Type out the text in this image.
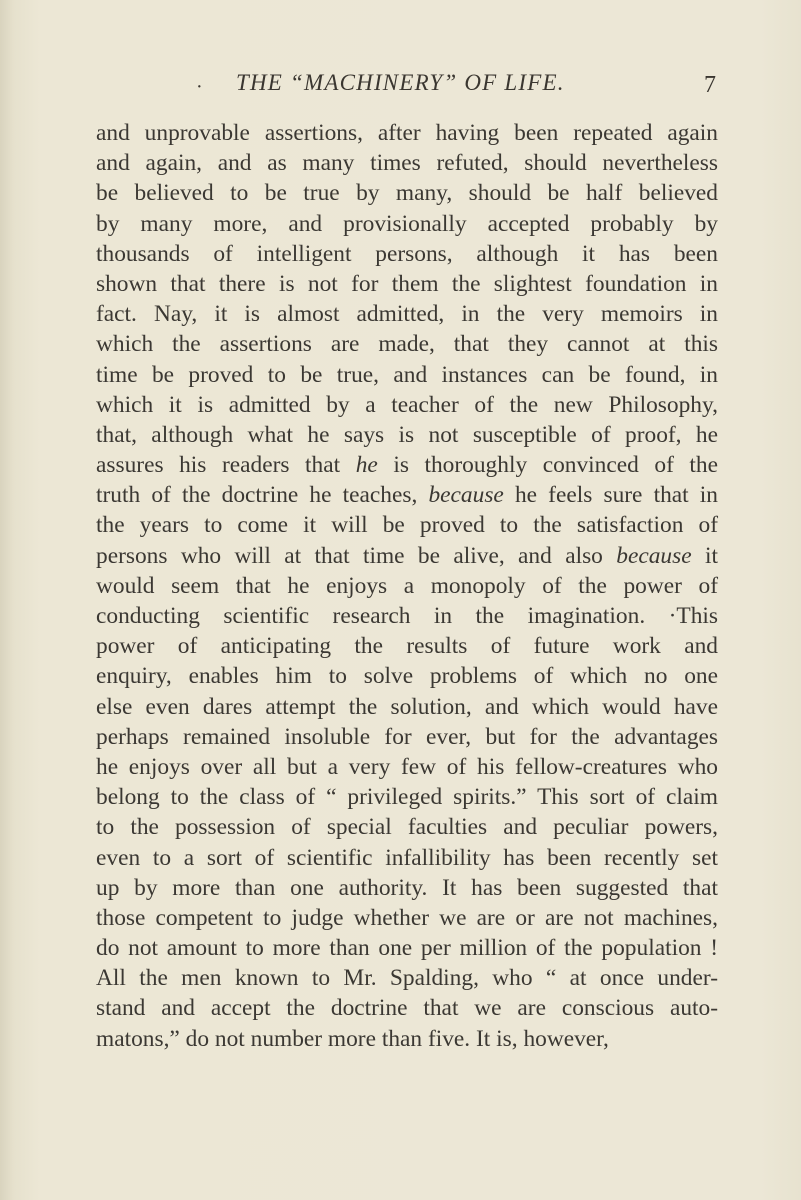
· THE “MACHINERY” OF LIFE.	7
and unprovable assertions, after having been repeated again
and again, and as many times refuted, should nevertheless
be believed to be true by many, should be half believed
by many more, and provisionally accepted probably by
thousands of intelligent persons, although it has been
shown that there is not for them the slightest foundation in
fact. Nay, it is almost admitted, in the very memoirs in
which the assertions are made, that they cannot at this
time be proved to be true, and instances can be found, in
which it is admitted by a teacher of the new Philosophy,
that, although what he says is not susceptible of proof, he
assures his readers that he is thoroughly convinced of the
truth of the doctrine he teaches, because he feels sure that in
the years to come it will be proved to the satisfaction of
persons who will at that time be alive, and also because it
would seem that he enjoys a monopoly of the power of
conducting scientific research in the imagination. ·This
power of anticipating the results of future work and
enquiry, enables him to solve problems of which no one
else even dares attempt the solution, and which would have
perhaps remained insoluble for ever, but for the advantages
he enjoys over all but a very few of his fellow-creatures who
belong to the class of “ privileged spirits.” This sort of claim
to the possession of special faculties and peculiar powers,
even to a sort of scientific infallibility has been recently set
up by more than one authority. It has been suggested that
those competent to judge whether we are or are not machines,
do not amount to more than one per million of the population !
All the men known to Mr. Spalding, who “ at once under-
stand and accept the doctrine that we are conscious auto-
matons,” do not number more than five. It is, however,
